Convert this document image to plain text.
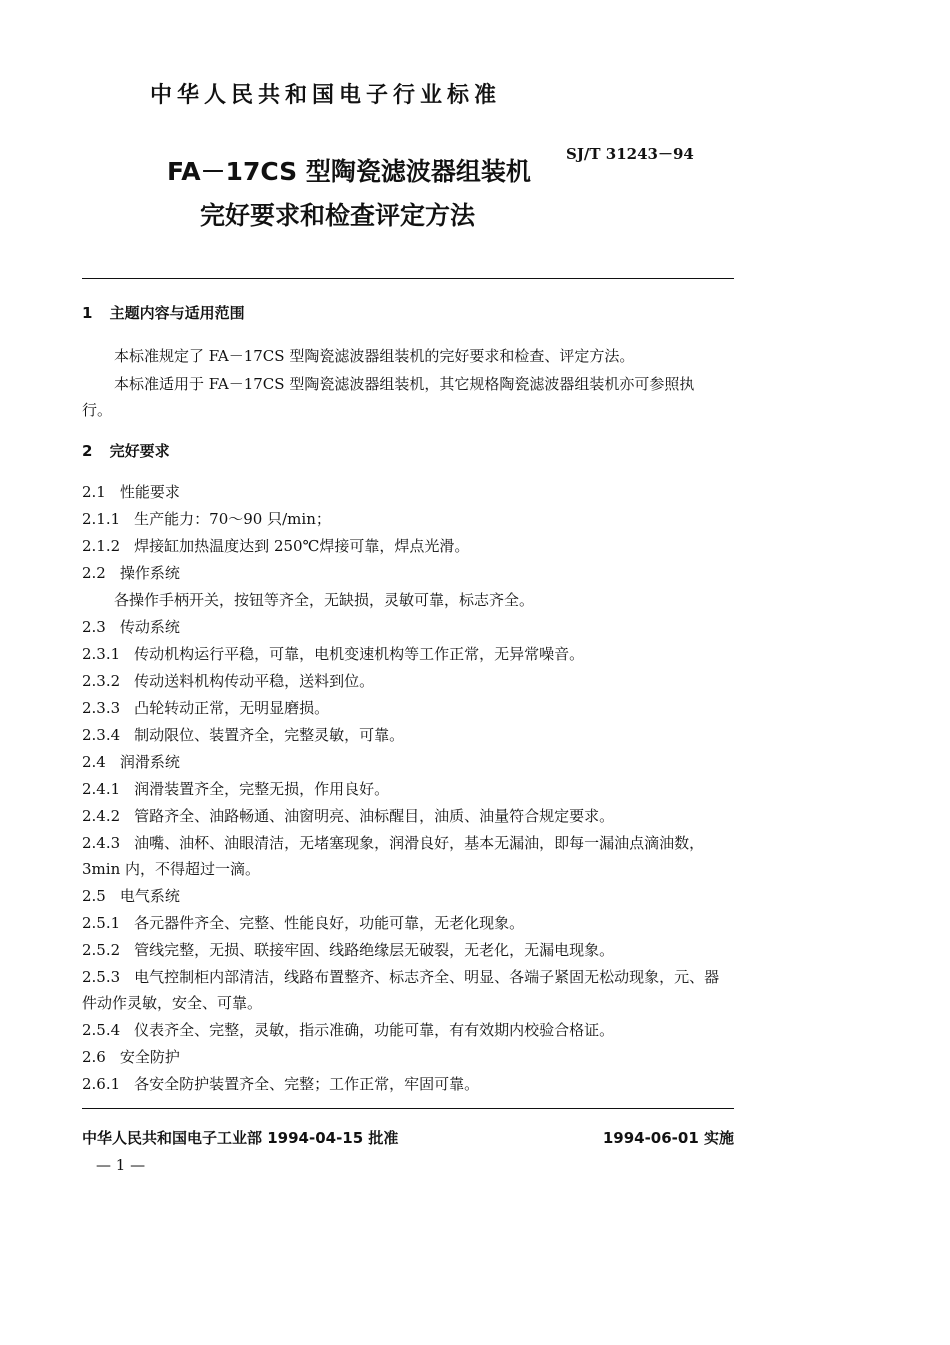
中华人民共和国电子行业标准
FA－17CS 型陶瓷滤波器组装机
完好要求和检查评定方法
SJ/T 31243－94
1 主题内容与适用范围
本标准规定了 FA－17CS 型陶瓷滤波器组装机的完好要求和检查、评定方法。
本标准适用于 FA－17CS 型陶瓷滤波器组装机，其它规格陶瓷滤波器组装机亦可参照执
行。
2 完好要求
2.1 性能要求
2.1.1 生产能力：70～90 只/min；
2.1.2 焊接缸加热温度达到 250℃焊接可靠，焊点光滑。
2.2 操作系统
各操作手柄开关，按钮等齐全，无缺损，灵敏可靠，标志齐全。
2.3 传动系统
2.3.1 传动机构运行平稳，可靠，电机变速机构等工作正常，无异常噪音。
2.3.2 传动送料机构传动平稳，送料到位。
2.3.3 凸轮转动正常，无明显磨损。
2.3.4 制动限位、装置齐全，完整灵敏，可靠。
2.4 润滑系统
2.4.1 润滑装置齐全，完整无损，作用良好。
2.4.2 管路齐全、油路畅通、油窗明亮、油标醒目，油质、油量符合规定要求。
2.4.3 油嘴、油杯、油眼清洁，无堵塞现象，润滑良好，基本无漏油，即每一漏油点滴油数，
3min 内，不得超过一滴。
2.5 电气系统
2.5.1 各元器件齐全、完整、性能良好，功能可靠，无老化现象。
2.5.2 管线完整，无损、联接牢固、线路绝缘层无破裂，无老化，无漏电现象。
2.5.3 电气控制柜内部清洁，线路布置整齐、标志齐全、明显、各端子紧固无松动现象，元、器
件动作灵敏，安全、可靠。
2.5.4 仪表齐全、完整，灵敏，指示准确，功能可靠，有有效期内校验合格证。
2.6 安全防护
2.6.1 各安全防护装置齐全、完整；工作正常，牢固可靠。
中华人民共和国电子工业部 1994-04-15 批准	1994-06-01 实施
— 1 —
